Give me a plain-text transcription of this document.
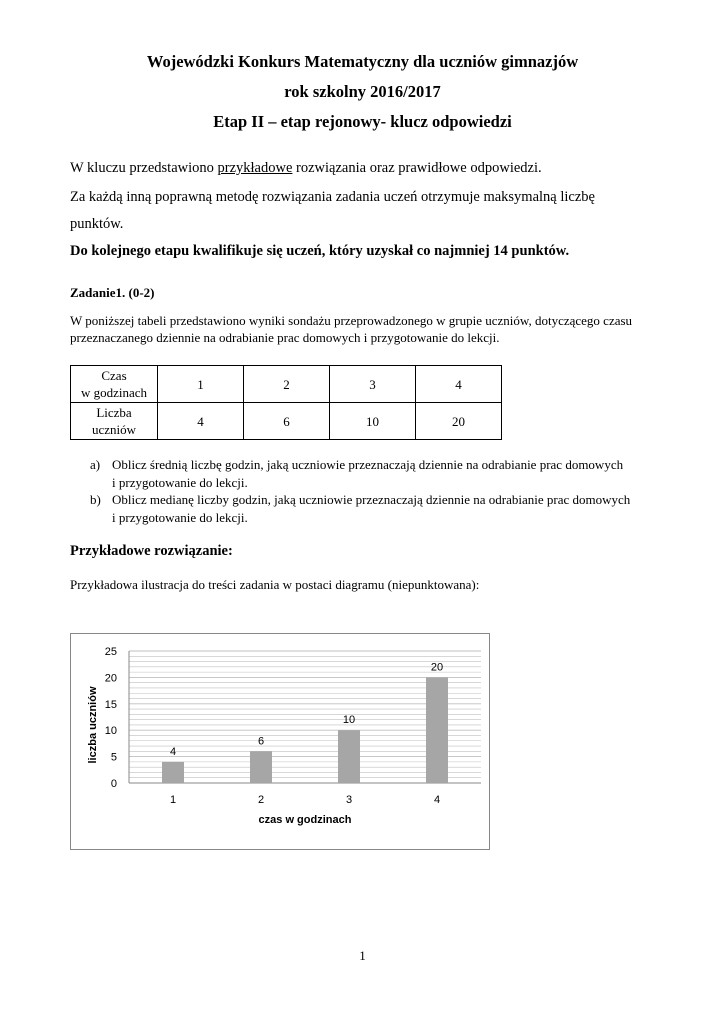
Wojewódzki Konkurs Matematyczny dla uczniów gimnazjów
rok szkolny 2016/2017
Etap II – etap rejonowy- klucz odpowiedzi
W kluczu przedstawiono przykładowe rozwiązania oraz prawidłowe odpowiedzi.
Za każdą inną poprawną metodę rozwiązania zadania uczeń otrzymuje maksymalną liczbę
punktów.
Do kolejnego etapu kwalifikuje się uczeń, który uzyskał co najmniej 14 punktów.
Zadanie1. (0-2)
W poniższej tabeli przedstawiono wyniki sondażu przeprowadzonego w grupie uczniów, dotyczącego czasu
przeznaczanego dziennie na odrabianie prac domowych i przygotowanie do lekcji.
Czas
w godzinach	1	2	3	4

Liczba
uczniów	4	6	10	20
a) Oblicz średnią liczbę godzin, jaką uczniowie przeznaczają dziennie na odrabianie prac domowych
i przygotowanie do lekcji.
b) Oblicz medianę liczby godzin, jaką uczniowie przeznaczają dziennie na odrabianie prac domowych
i przygotowanie do lekcji.
Przykładowe rozwiązanie:
Przykładowa ilustracja do treści zadania w postaci diagramu (niepunktowana):
0
5
10
15
20
25
4
1
6
2
10
3
20
4
czas w godzinach
liczba uczniów
1
